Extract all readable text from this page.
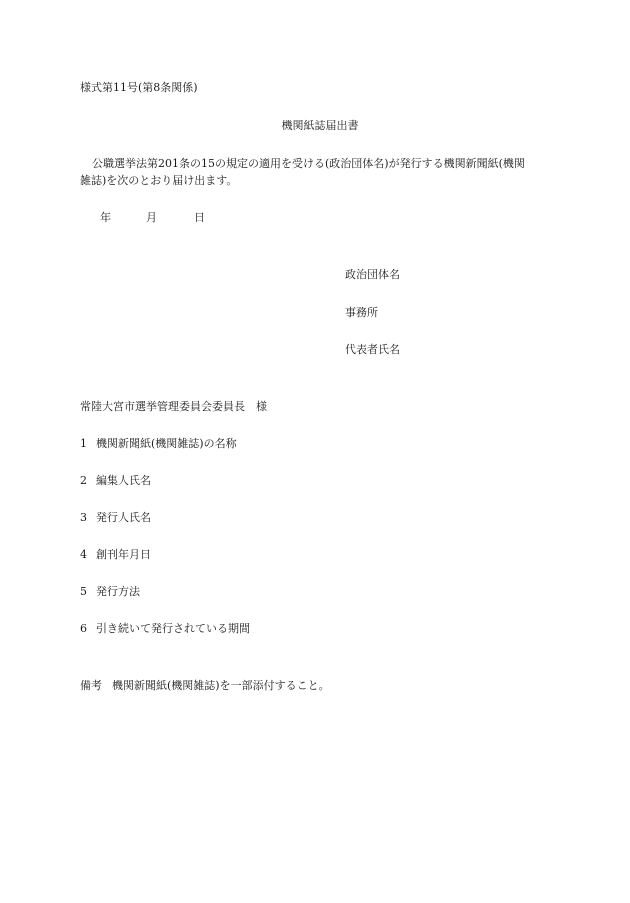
様式第11号(第8条関係)
機関紙誌届出書
公職選挙法第201条の15の規定の適用を受ける(政治団体名)が発行する機関新聞紙(機関
雑誌)を次のとおり届け出ます。
年	月	日
政治団体名
事務所
代表者氏名
常陸大宮市選挙管理委員会委員長　様
1 機関新聞紙(機関雑誌)の名称
2 編集人氏名
3 発行人氏名
4 創刊年月日
5 発行方法
6 引き続いて発行されている期間
備考 機関新聞紙(機関雑誌)を一部添付すること。
